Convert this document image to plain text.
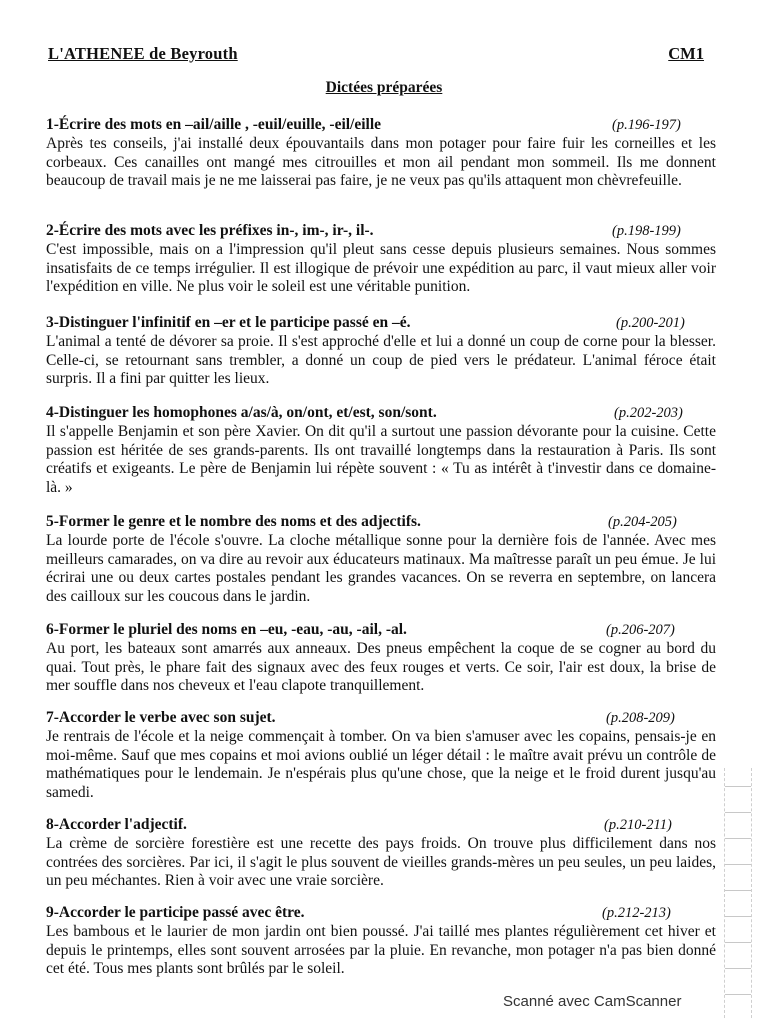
L'ATHENEE de Beyrouth	CM1
Dictées préparées
1-Écrire des mots en –ail/aille , -euil/euille, -eil/eille	(p.196-197)
Après tes conseils, j'ai installé deux épouvantails dans mon potager pour faire fuir les corneilles et les corbeaux. Ces canailles ont mangé mes citrouilles et mon ail pendant mon sommeil. Ils me donnent beaucoup de travail mais je ne me laisserai pas faire, je ne veux pas qu'ils attaquent mon chèvrefeuille.
2-Écrire des mots avec les préfixes in-, im-, ir-, il-.	(p.198-199)
C'est impossible, mais on a l'impression qu'il pleut sans cesse depuis plusieurs semaines. Nous sommes insatisfaits de ce temps irrégulier. Il est illogique de prévoir une expédition au parc, il vaut mieux aller voir l'expédition en ville. Ne plus voir le soleil est une véritable punition.
3-Distinguer l'infinitif en –er et le participe passé en –é.	(p.200-201)
L'animal a tenté de dévorer sa proie. Il s'est approché d'elle et lui a donné un coup de corne pour la blesser. Celle-ci, se retournant sans trembler, a donné un coup de pied vers le prédateur. L'animal féroce était surpris. Il a fini par quitter les lieux.
4-Distinguer les homophones a/as/à, on/ont, et/est, son/sont.	(p.202-203)
Il s'appelle Benjamin et son père Xavier. On dit qu'il a surtout une passion dévorante pour la cuisine. Cette passion est héritée de ses grands-parents. Ils ont travaillé longtemps dans la restauration à Paris. Ils sont créatifs et exigeants. Le père de Benjamin lui répète souvent : « Tu as intérêt à t'investir dans ce domaine-là. »
5-Former le genre et le nombre des noms et des adjectifs.	(p.204-205)
La lourde porte de l'école s'ouvre. La cloche métallique sonne pour la dernière fois de l'année. Avec mes meilleurs camarades, on va dire au revoir aux éducateurs matinaux. Ma maîtresse paraît un peu émue. Je lui écrirai une ou deux cartes postales pendant les grandes vacances. On se reverra en septembre, on lancera des cailloux sur les coucous dans le jardin.
6-Former le pluriel des noms en –eu, -eau, -au, -ail, -al.	(p.206-207)
Au port, les bateaux sont amarrés aux anneaux. Des pneus empêchent la coque de se cogner au bord du quai. Tout près, le phare fait des signaux avec des feux rouges et verts. Ce soir, l'air est doux, la brise de mer souffle dans nos cheveux et l'eau clapote tranquillement.
7-Accorder le verbe avec son sujet.	(p.208-209)
Je rentrais de l'école et la neige commençait à tomber. On va bien s'amuser avec les copains, pensais-je en moi-même. Sauf que mes copains et moi avions oublié un léger détail : le maître avait prévu un contrôle de mathématiques pour le lendemain. Je n'espérais plus qu'une chose, que la neige et le froid durent jusqu'au samedi.
8-Accorder l'adjectif.	(p.210-211)
La crème de sorcière forestière est une recette des pays froids. On trouve plus difficilement dans nos contrées des sorcières. Par ici, il s'agit le plus souvent de vieilles grands-mères un peu seules, un peu laides, un peu méchantes. Rien à voir avec une vraie sorcière.
9-Accorder le participe passé avec être.	(p.212-213)
Les bambous et le laurier de mon jardin ont bien poussé. J'ai taillé mes plantes régulièrement cet hiver et depuis le printemps, elles sont souvent arrosées par la pluie. En revanche, mon potager n'a pas bien donné cet été. Tous mes plants sont brûlés par le soleil.
Scanné avec CamScanner
